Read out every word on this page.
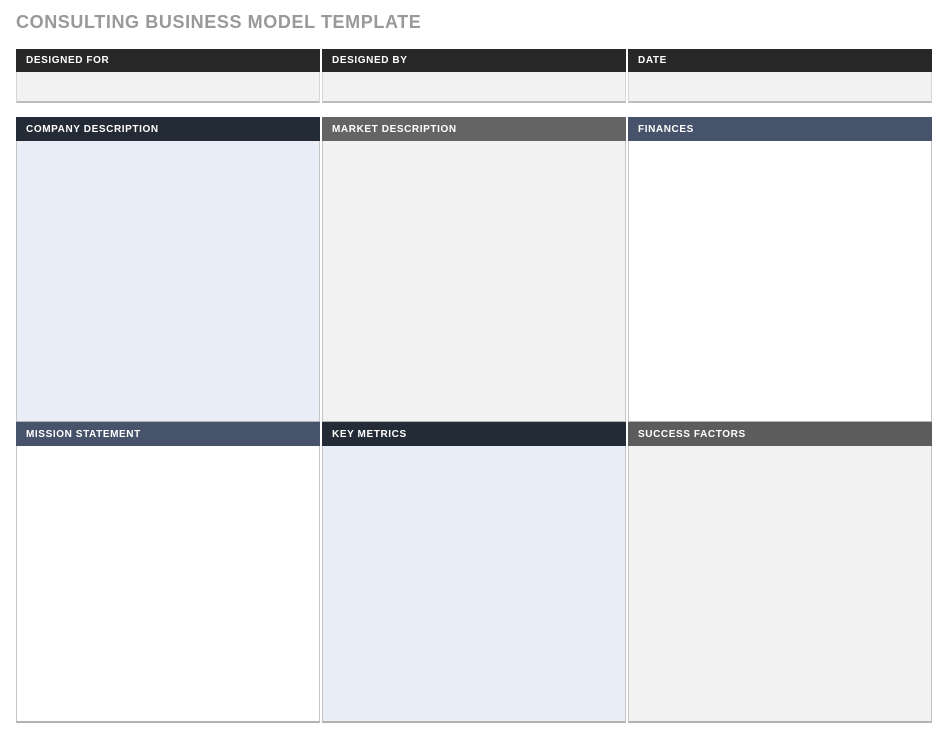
CONSULTING BUSINESS MODEL TEMPLATE
DESIGNED FOR	DESIGNED BY	DATE
COMPANY DESCRIPTION
MISSION STATEMENT
MARKET DESCRIPTION
KEY METRICS
FINANCES
SUCCESS FACTORS
